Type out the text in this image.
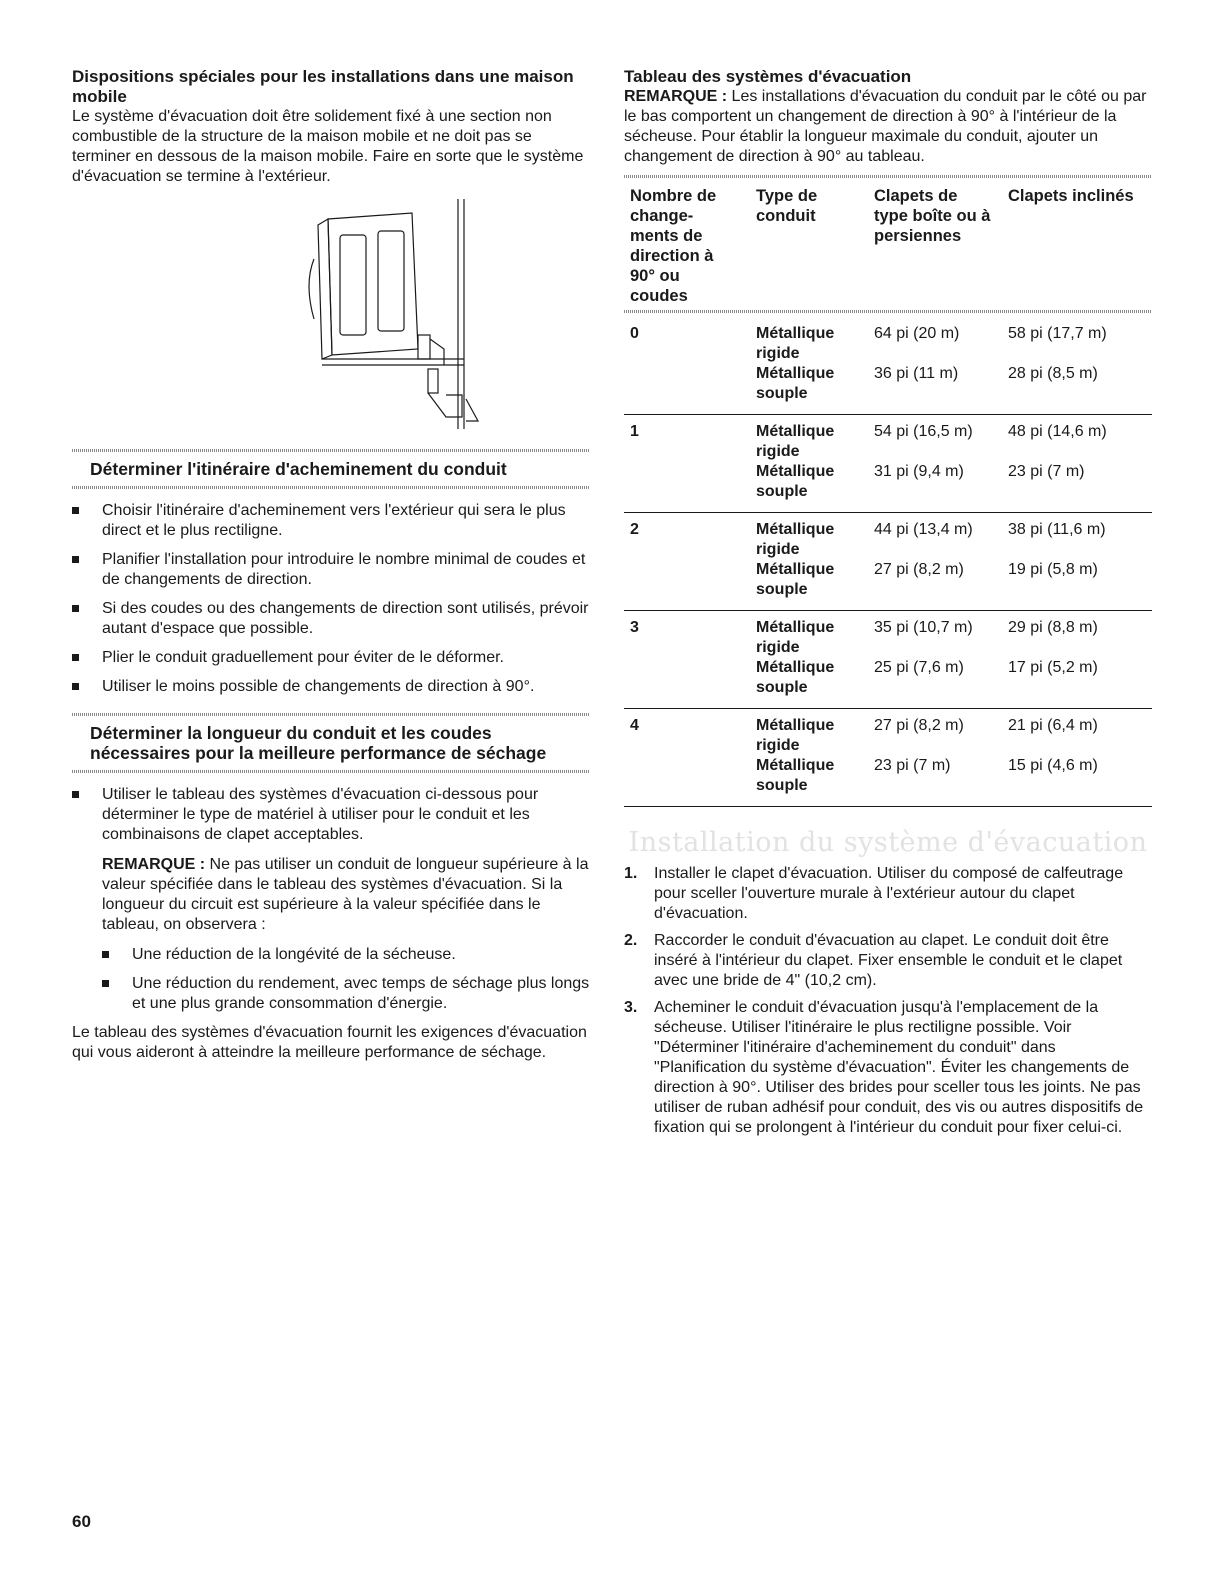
Dispositions spéciales pour les installations dans une maison mobile

Le système d'évacuation doit être solidement fixé à une section non combustible de la structure de la maison mobile et ne doit pas se terminer en dessous de la maison mobile. Faire en sorte que le système d'évacuation se termine à l'extérieur.

Déterminer l'itinéraire d'acheminement du conduit
Choisir l'itinéraire d'acheminement vers l'extérieur qui sera le plus direct et le plus rectiligne.
Planifier l'installation pour introduire le nombre minimal de coudes et de changements de direction.
Si des coudes ou des changements de direction sont utilisés, prévoir autant d'espace que possible.
Plier le conduit graduellement pour éviter de le déformer.
Utiliser le moins possible de changements de direction à 90°.
Déterminer la longueur du conduit et les coudes
nécessaires pour la meilleure performance de séchage
Utiliser le tableau des systèmes d'évacuation ci-dessous pour déterminer le type de matériel à utiliser pour le conduit et les combinaisons de clapet acceptables.

REMARQUE : Ne pas utiliser un conduit de longueur supérieure à la valeur spécifiée dans le tableau des systèmes d'évacuation. Si la longueur du circuit est supérieure à la valeur spécifiée dans le tableau, on observera :

Une réduction de la longévité de la sécheuse.
Une réduction du rendement, avec temps de séchage plus longs et une plus grande consommation d'énergie.

Le tableau des systèmes d'évacuation fournit les exigences d'évacuation qui vous aideront à atteindre la meilleure performance de séchage.

Tableau des systèmes d'évacuation

REMARQUE : Les installations d'évacuation du conduit par le côté ou par le bas comportent un changement de direction à 90° à l'intérieur de la sécheuse. Pour établir la longueur maximale du conduit, ajouter un changement de direction à 90° au tableau.

Nombre de change- ments de direction à 90° ou coudes	Type de conduit	Clapets de type boîte ou à persiennes	Clapets inclinés
0	Métallique rigide	64 pi (20 m)	58 pi (17,7 m)
	Métallique souple	36 pi (11 m)	28 pi (8,5 m)
1	Métallique rigide	54 pi (16,5 m)	48 pi (14,6 m)
	Métallique souple	31 pi (9,4 m)	23 pi (7 m)
2	Métallique rigide	44 pi (13,4 m)	38 pi (11,6 m)
	Métallique souple	27 pi (8,2 m)	19 pi (5,8 m)
3	Métallique rigide	35 pi (10,7 m)	29 pi (8,8 m)
	Métallique souple	25 pi (7,6 m)	17 pi (5,2 m)
4	Métallique rigide	27 pi (8,2 m)	21 pi (6,4 m)
	Métallique souple	23 pi (7 m)	15 pi (4,6 m)

Installation du système d'évacuation
1. Installer le clapet d'évacuation. Utiliser du composé de calfeutrage pour sceller l'ouverture murale à l'extérieur autour du clapet d'évacuation.
2. Raccorder le conduit d'évacuation au clapet. Le conduit doit être inséré à l'intérieur du clapet. Fixer ensemble le conduit et le clapet avec une bride de 4" (10,2 cm).
3. Acheminer le conduit d'évacuation jusqu'à l'emplacement de la sécheuse. Utiliser l'itinéraire le plus rectiligne possible. Voir "Déterminer l'itinéraire d'acheminement du conduit" dans "Planification du système d'évacuation". Éviter les changements de direction à 90°. Utiliser des brides pour sceller tous les joints. Ne pas utiliser de ruban adhésif pour conduit, des vis ou autres dispositifs de fixation qui se prolongent à l'intérieur du conduit pour fixer celui-ci.
60
